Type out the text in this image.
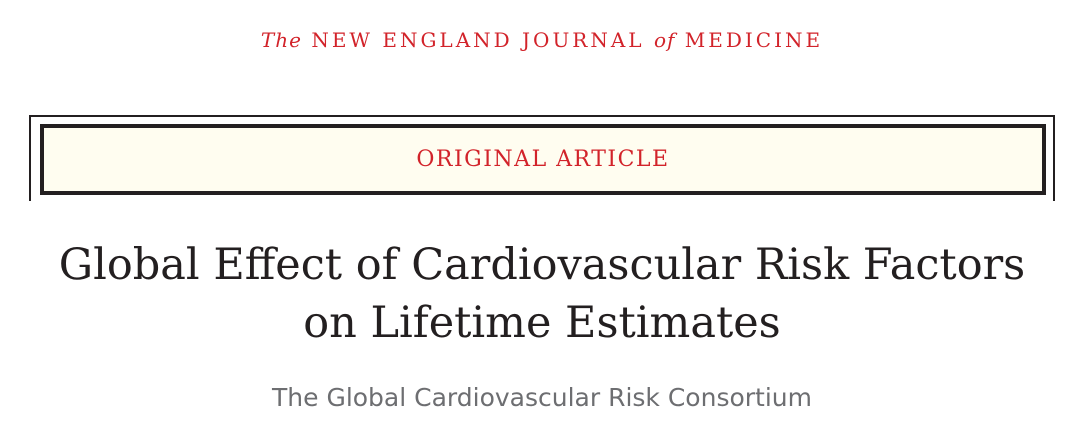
The NEW ENGLAND JOURNAL of MEDICINE
ORIGINAL ARTICLE
Global Effect of Cardiovascular Risk Factors
on Lifetime Estimates
The Global Cardiovascular Risk Consortium
